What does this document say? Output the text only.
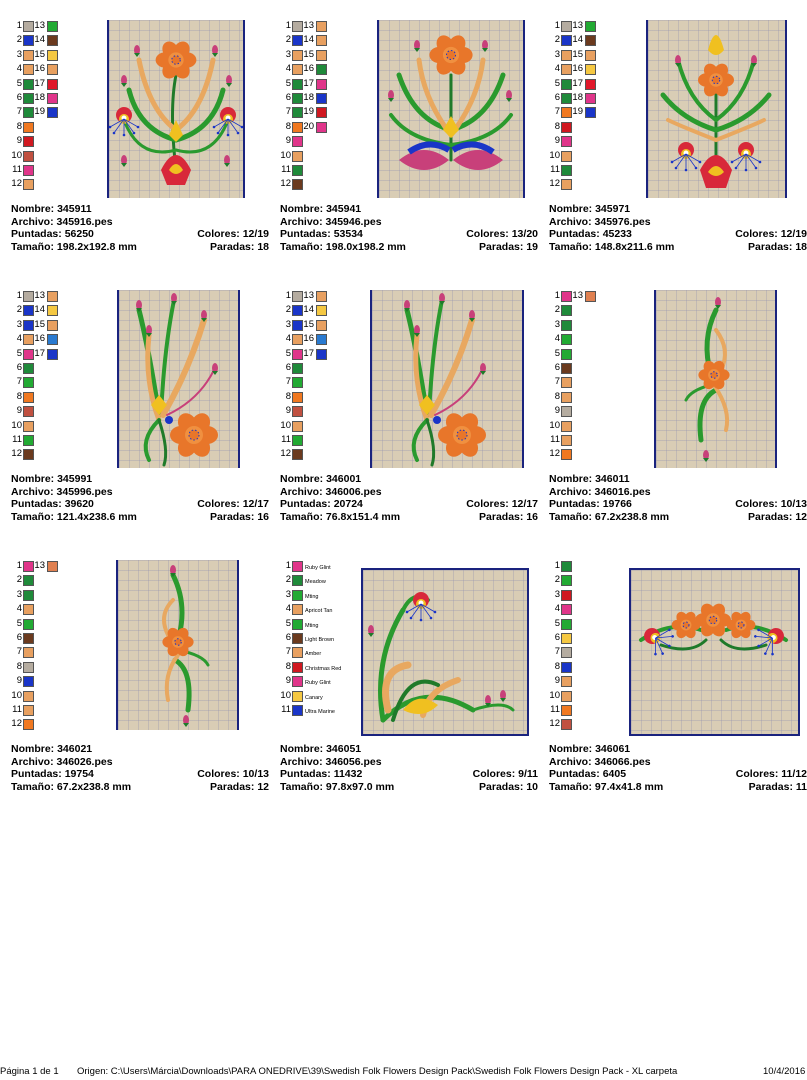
1	13
2	14
3	15
4	16
5	17
6	18
7	19
8
9
10
11
12
Nombre: 345911
Archivo: 345916.pes
Puntadas: 56250	Colores: 12/19
Tamaño: 198.2x192.8 mm	Paradas: 18
1	13
2	14
3	15
4	16
5	17
6	18
7	19
8	20
9
10
11
12
Nombre: 345941
Archivo: 345946.pes
Puntadas: 53534	Colores: 13/20
Tamaño: 198.0x198.2 mm	Paradas: 19
1	13
2	14
3	15
4	16
5	17
6	18
7	19
8
9
10
11
12
Nombre: 345971
Archivo: 345976.pes
Puntadas: 45233	Colores: 12/19
Tamaño: 148.8x211.6 mm	Paradas: 18
1	13
2	14
3	15
4	16
5	17
6
7
8
9
10
11
12
Nombre: 345991
Archivo: 345996.pes
Puntadas: 39620	Colores: 12/17
Tamaño: 121.4x238.6 mm	Paradas: 16
1	13
2	14
3	15
4	16
5	17
6
7
8
9
10
11
12
Nombre: 346001
Archivo: 346006.pes
Puntadas: 20724	Colores: 12/17
Tamaño: 76.8x151.4 mm	Paradas: 16
1	13
2
3
4
5
6
7
8
9
10
11
12
Nombre: 346011
Archivo: 346016.pes
Puntadas: 19766	Colores: 10/13
Tamaño: 67.2x238.8 mm	Paradas: 12
1	13
2
3
4
5
6
7
8
9
10
11
12
Nombre: 346021
Archivo: 346026.pes
Puntadas: 19754	Colores: 10/13
Tamaño: 67.2x238.8 mm	Paradas: 12
1	Ruby Glint
2	Meadow
3	Mting
4	Apricot Tan
5	Mting
6	Light Brown
7	Amber
8	Christmas Red
9	Ruby Glint
10	Canary
11	Ultra Marine
Nombre: 346051
Archivo: 346056.pes
Puntadas: 11432	Colores: 9/11
Tamaño: 97.8x97.0 mm	Paradas: 10
1
2
3
4
5
6
7
8
9
10
11
12
Nombre: 346061
Archivo: 346066.pes
Puntadas: 6405	Colores: 11/12
Tamaño: 97.4x41.8 mm	Paradas: 11
Página 1 de 1 Origen: C:\Users\Márcia\Downloads\PARA ONEDRIVE\39\Swedish Folk Flowers Design Pack\Swedish Folk Flowers Design Pack - XL carpeta	10/4/2016
